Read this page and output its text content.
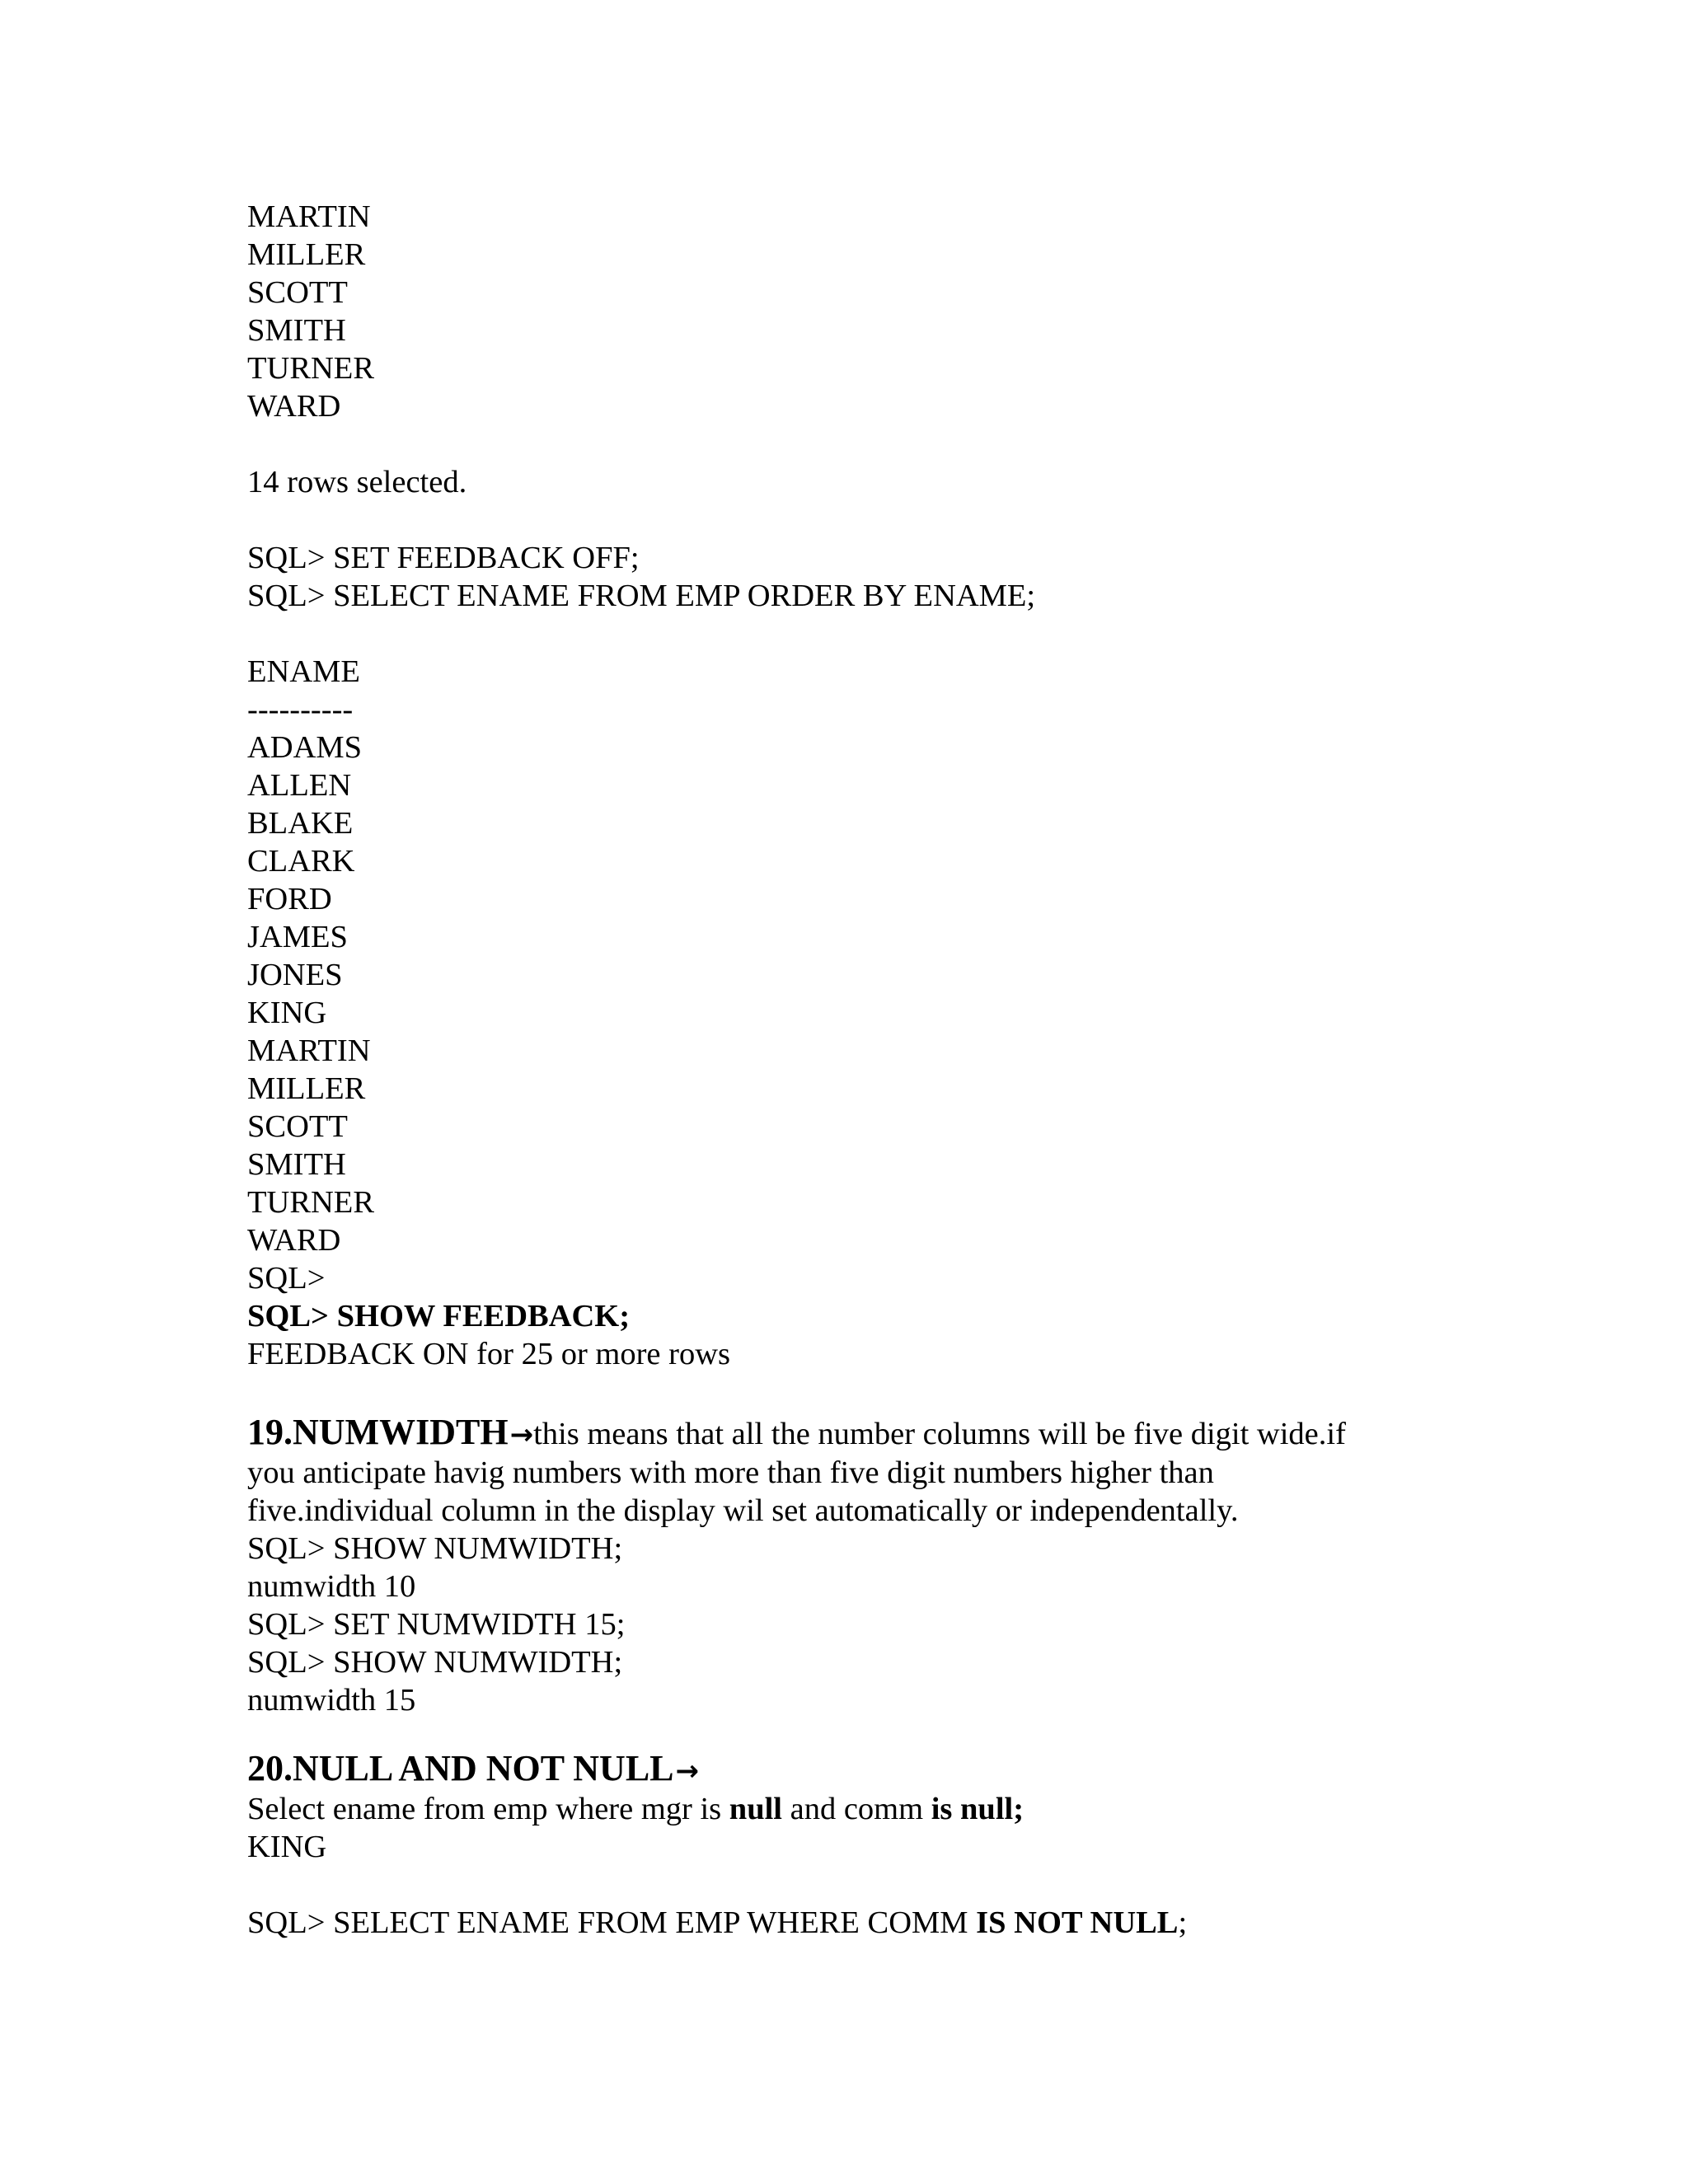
MARTIN
MILLER
SCOTT
SMITH
TURNER
WARD
14 rows selected.
SQL> SET FEEDBACK OFF;
SQL> SELECT ENAME FROM EMP ORDER BY ENAME;
ENAME
----------
ADAMS
ALLEN
BLAKE
CLARK
FORD
JAMES
JONES
KING
MARTIN
MILLER
SCOTT
SMITH
TURNER
WARD
SQL>
SQL> SHOW FEEDBACK;
FEEDBACK ON for 25 or more rows
19.NUMWIDTH→this means that all the number columns will be five digit wide.if
you anticipate havig numbers with more than five digit numbers higher than
five.individual column in the display wil set automatically or independentally.
SQL> SHOW NUMWIDTH;
numwidth 10
SQL> SET NUMWIDTH 15;
SQL> SHOW NUMWIDTH;
numwidth 15
20.NULL AND NOT NULL→
Select ename from emp where mgr is null and comm is null;
KING
SQL> SELECT ENAME FROM EMP WHERE COMM IS NOT NULL;
